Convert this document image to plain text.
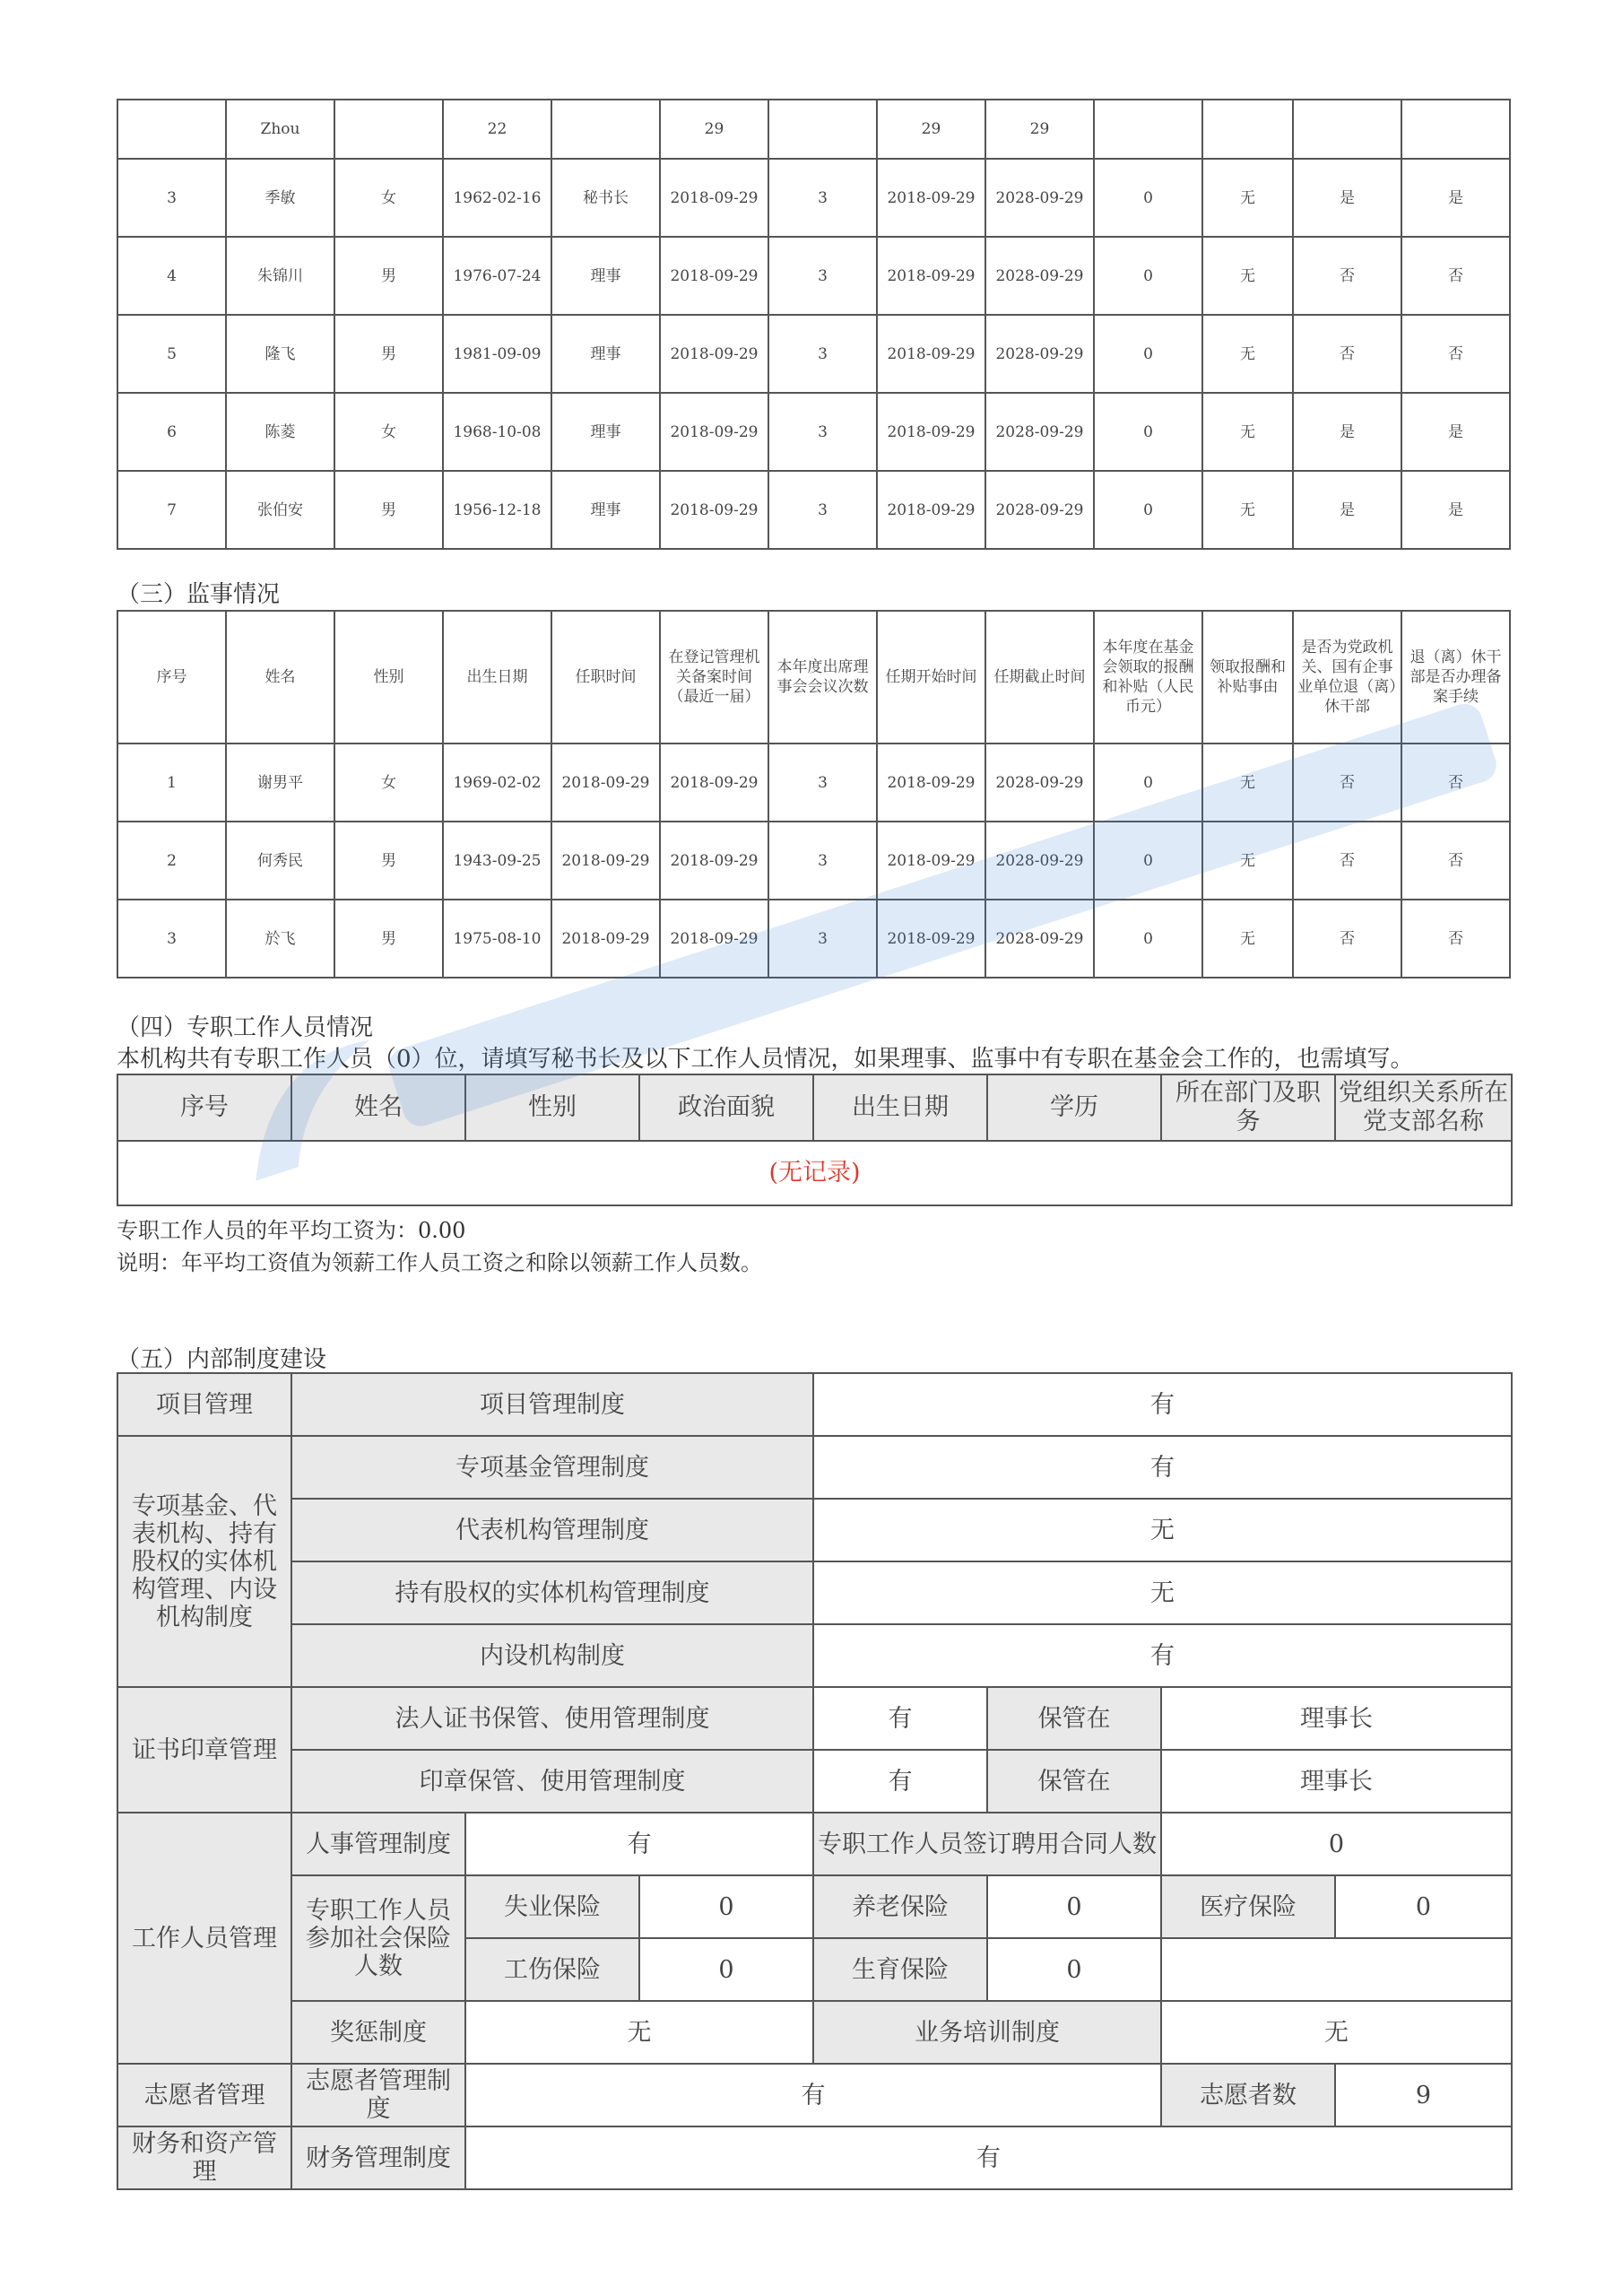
	Zhou		22		29		29	29				
3	季敏	女	1962-02-16	秘书长	2018-09-29	3	2018-09-29	2028-09-29	0	无	是	是
4	朱锦川	男	1976-07-24	理事	2018-09-29	3	2018-09-29	2028-09-29	0	无	否	否
5	隆飞	男	1981-09-09	理事	2018-09-29	3	2018-09-29	2028-09-29	0	无	否	否
6	陈菱	女	1968-10-08	理事	2018-09-29	3	2018-09-29	2028-09-29	0	无	是	是
7	张伯安	男	1956-12-18	理事	2018-09-29	3	2018-09-29	2028-09-29	0	无	是	是
（三）监事情况
序号	姓名	性别	出生日期	任职时间	在登记管理机关备案时间（最近一届）	本年度出席理事会会议次数	任期开始时间	任期截止时间	本年度在基金会领取的报酬和补贴（人民币元）	领取报酬和补贴事由	是否为党政机关、国有企事业单位退（离）休干部	退（离）休干部是否办理备案手续
1	谢男平	女	1969-02-02	2018-09-29	2018-09-29	3	2018-09-29	2028-09-29	0	无	否	否
2	何秀民	男	1943-09-25	2018-09-29	2018-09-29	3	2018-09-29	2028-09-29	0	无	否	否
3	於飞	男	1975-08-10	2018-09-29	2018-09-29	3	2018-09-29	2028-09-29	0	无	否	否
（四）专职工作人员情况
本机构共有专职工作人员（0）位，请填写秘书长及以下工作人员情况，如果理事、监事中有专职在基金会工作的，也需填写。
序号	姓名	性别	政治面貌	出生日期	学历	所在部门及职务	党组织关系所在党支部名称
(无记录)
专职工作人员的年平均工资为：0.00
说明：年平均工资值为领薪工作人员工资之和除以领薪工作人员数。
（五）内部制度建设
项目管理	项目管理制度			有			
专项基金、代表机构、持有股权的实体机构管理、内设机构制度	专项基金管理制度			有			
	代表机构管理制度			无			
	持有股权的实体机构管理制度			无			
	内设机构制度			有			

证书印章管理	法人证书保管、使用管理制度			有	保管在	理事长	
	印章保管、使用管理制度			有	保管在	理事长	
工作人员管理	人事管理制度	有		专职工作人员签订聘用合同人数		0	
	专职工作人员参加社会保险人数	失业保险	0	养老保险	0	医疗保险	0
		工伤保险	0	生育保险	0		
	奖惩制度	无		业务培训制度		无	
志愿者管理	志愿者管理制度	有				志愿者数	9
财务和资产管理	财务管理制度	有					
